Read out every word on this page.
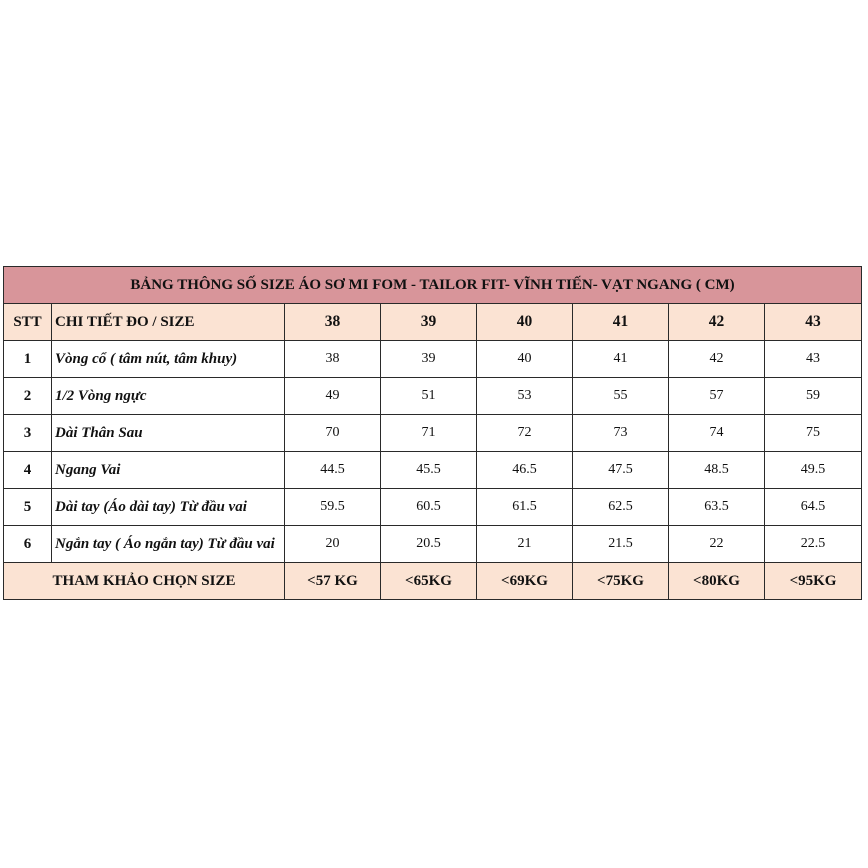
BẢNG THÔNG SỐ SIZE ÁO SƠ MI FOM - TAILOR FIT- VĨNH TIẾN- VẠT NGANG ( CM)							
STT	CHI TIẾT ĐO / SIZE	38	39	40	41	42	43
1	Vòng cổ ( tâm nút, tâm khuy)	38	39	40	41	42	43
2	1/2 Vòng ngực	49	51	53	55	57	59
3	Dài Thân Sau	70	71	72	73	74	75
4	Ngang Vai	44.5	45.5	46.5	47.5	48.5	49.5
5	Dài tay (Áo dài tay) Từ đầu vai	59.5	60.5	61.5	62.5	63.5	64.5
6	Ngắn tay ( Áo ngắn tay) Từ đầu vai	20	20.5	21	21.5	22	22.5
THAM KHẢO CHỌN SIZE		<57 KG	<65KG	<69KG	<75KG	<80KG	<95KG
